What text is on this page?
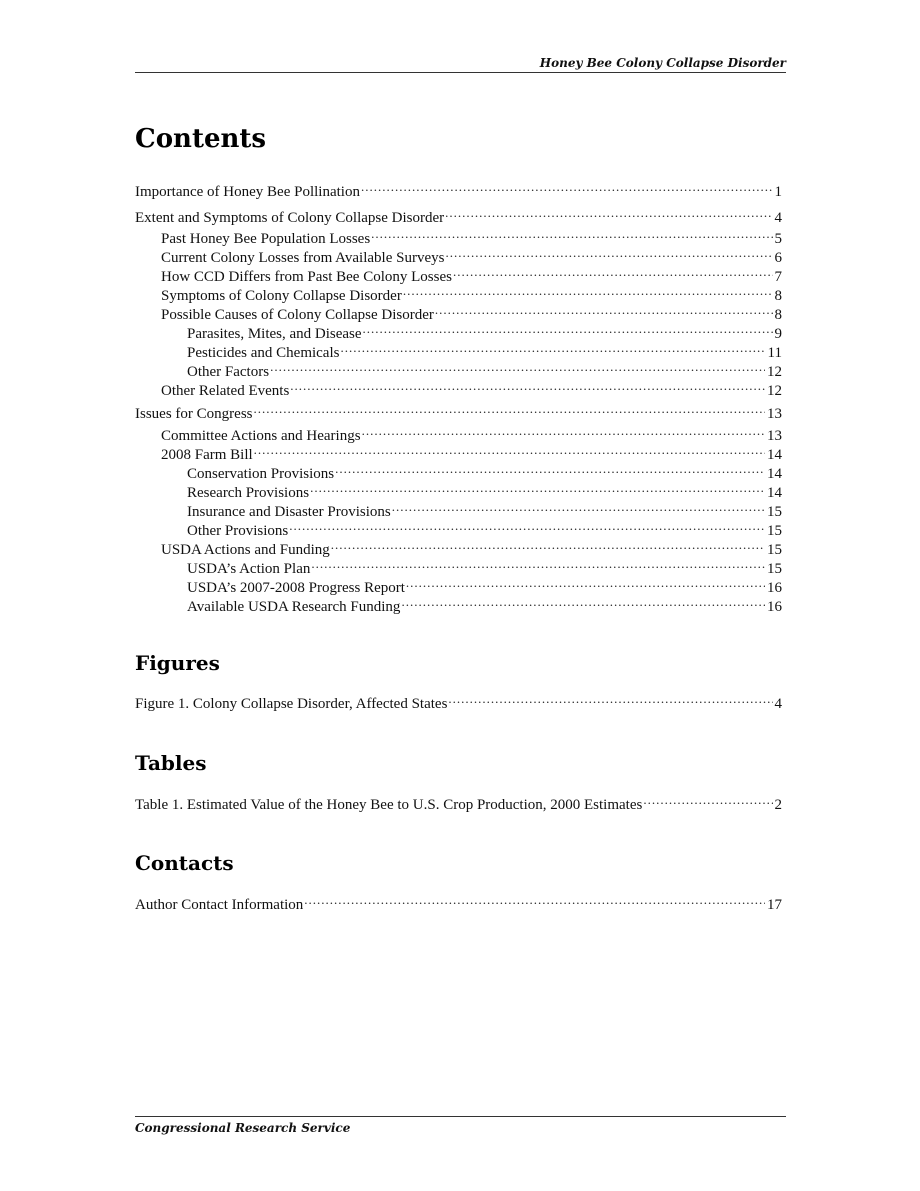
Honey Bee Colony Collapse Disorder
Contents
Importance of Honey Bee Pollination .....	1
Extent and Symptoms of Colony Collapse Disorder .....	4
Past Honey Bee Population Losses .....	5
Current Colony Losses from Available Surveys .....	6
How CCD Differs from Past Bee Colony Losses .....	7
Symptoms of Colony Collapse Disorder .....	8
Possible Causes of Colony Collapse Disorder .....	8
Parasites, Mites, and Disease .....	9
Pesticides and Chemicals .....	11
Other Factors .....	12
Other Related Events .....	12
Issues for Congress .....	13
Committee Actions and Hearings .....	13
2008 Farm Bill .....	14
Conservation Provisions .....	14
Research Provisions .....	14
Insurance and Disaster Provisions .....	15
Other Provisions .....	15
USDA Actions and Funding .....	15
USDA’s Action Plan .....	15
USDA’s 2007-2008 Progress Report .....	16
Available USDA Research Funding .....	16
Figures
Figure 1. Colony Collapse Disorder, Affected States .....	4
Tables
Table 1. Estimated Value of the Honey Bee to U.S. Crop Production, 2000 Estimates .....	2
Contacts
Author Contact Information .....	17
Congressional Research Service
